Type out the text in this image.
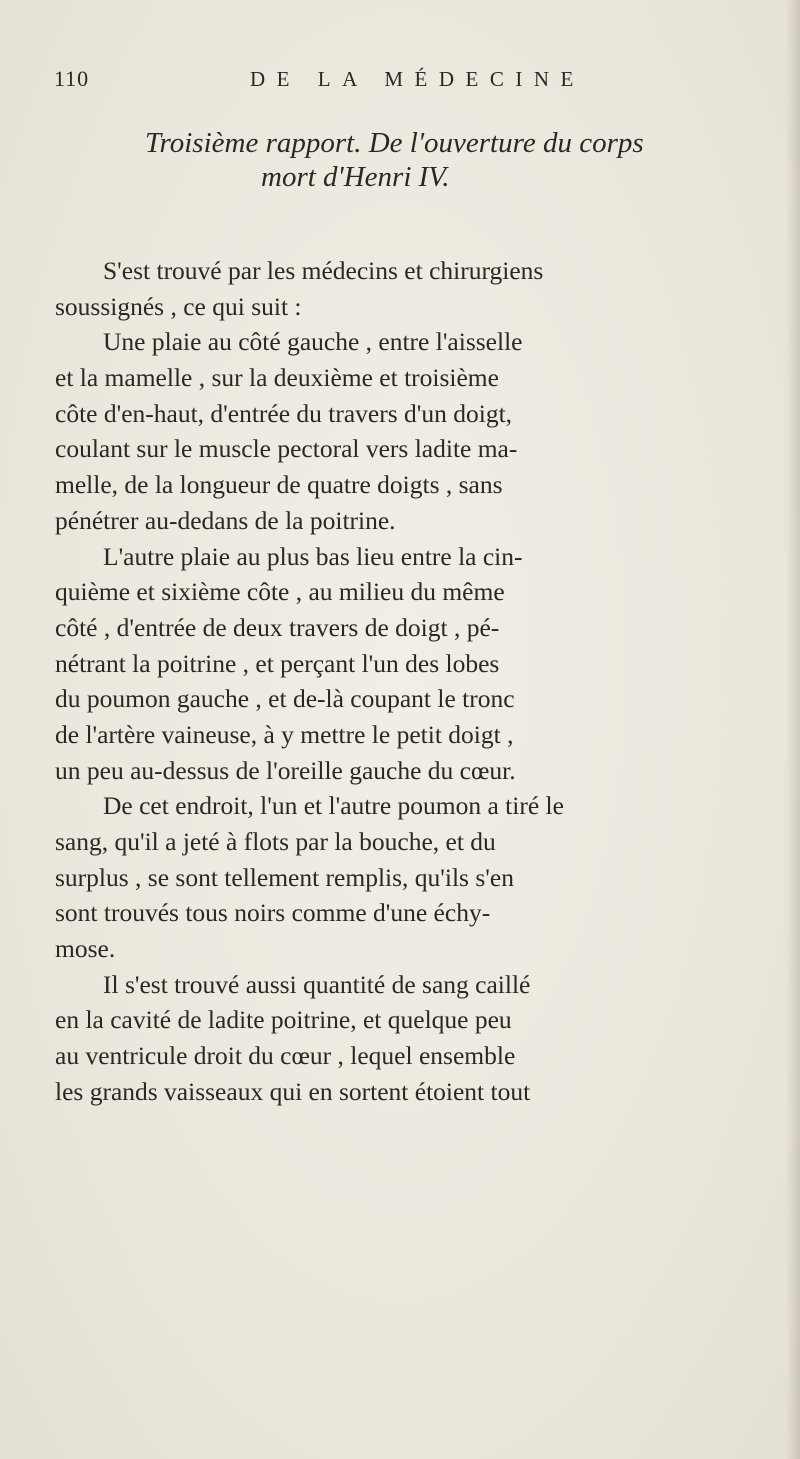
110	DE LA MÉDECINE
Troisième rapport. De l'ouverture du corps
mort d'Henri IV.
S'est trouvé par les médecins et chirurgiens
soussignés , ce qui suit :
Une plaie au côté gauche , entre l'aisselle
et la mamelle , sur la deuxième et troisième
côte d'en-haut, d'entrée du travers d'un doigt,
coulant sur le muscle pectoral vers ladite ma-
melle, de la longueur de quatre doigts , sans
pénétrer au-dedans de la poitrine.
L'autre plaie au plus bas lieu entre la cin-
quième et sixième côte , au milieu du même
côté , d'entrée de deux travers de doigt , pé-
nétrant la poitrine , et perçant l'un des lobes
du poumon gauche , et de-là coupant le tronc
de l'artère vaineuse, à y mettre le petit doigt ,
un peu au-dessus de l'oreille gauche du cœur.
De cet endroit, l'un et l'autre poumon a tiré le
sang, qu'il a jeté à flots par la bouche, et du
surplus , se sont tellement remplis, qu'ils s'en
sont trouvés tous noirs comme d'une échy-
mose.
Il s'est trouvé aussi quantité de sang caillé
en la cavité de ladite poitrine, et quelque peu
au ventricule droit du cœur , lequel ensemble
les grands vaisseaux qui en sortent étoient tout
